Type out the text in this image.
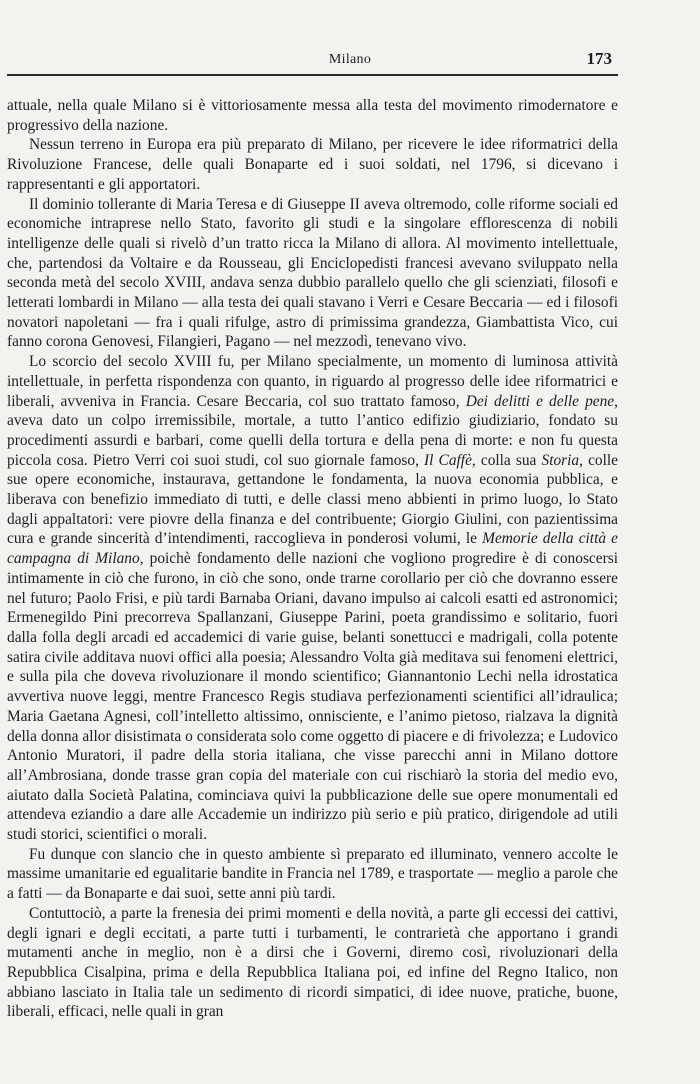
Milano	173

attuale, nella quale Milano si è vittoriosamente messa alla testa del movimento rimodernatore e progressivo della nazione.

Nessun terreno in Europa era più preparato di Milano, per ricevere le idee riformatrici della Rivoluzione Francese, delle quali Bonaparte ed i suoi soldati, nel 1796, si dicevano i rappresentanti e gli apportatori.

Il dominio tollerante di Maria Teresa e di Giuseppe II aveva oltremodo, colle riforme sociali ed economiche intraprese nello Stato, favorito gli studi e la singolare efflorescenza di nobili intelligenze delle quali si rivelò d’un tratto ricca la Milano di allora. Al movimento intellettuale, che, partendosi da Voltaire e da Rousseau, gli Enciclopedisti francesi avevano sviluppato nella seconda metà del secolo XVIII, andava senza dubbio parallelo quello che gli scienziati, filosofi e letterati lombardi in Milano — alla testa dei quali stavano i Verri e Cesare Beccaria — ed i filosofi novatori napoletani — fra i quali rifulge, astro di primissima grandezza, Giambattista Vico, cui fanno corona Genovesi, Filangieri, Pagano — nel mezzodì, tenevano vivo.

Lo scorcio del secolo XVIII fu, per Milano specialmente, un momento di luminosa attività intellettuale, in perfetta rispondenza con quanto, in riguardo al progresso delle idee riformatrici e liberali, avveniva in Francia. Cesare Beccaria, col suo trattato famoso, Dei delitti e delle pene, aveva dato un colpo irremissibile, mortale, a tutto l’antico edifizio giudiziario, fondato su procedimenti assurdi e barbari, come quelli della tortura e della pena di morte: e non fu questa piccola cosa. Pietro Verri coi suoi studi, col suo giornale famoso, Il Caffè, colla sua Storia, colle sue opere economiche, instaurava, gettandone le fondamenta, la nuova economia pubblica, e liberava con benefizio immediato di tutti, e delle classi meno abbienti in primo luogo, lo Stato dagli appaltatori: vere piovre della finanza e del contribuente; Giorgio Giulini, con pazientissima cura e grande sincerità d’intendimenti, raccoglieva in ponderosi volumi, le Memorie della città e campagna di Milano, poichè fondamento delle nazioni che vogliono progredire è di conoscersi intimamente in ciò che furono, in ciò che sono, onde trarne corollario per ciò che dovranno essere nel futuro; Paolo Frisi, e più tardi Barnaba Oriani, davano impulso ai calcoli esatti ed astronomici; Ermenegildo Pini precorreva Spallanzani, Giuseppe Parini, poeta grandissimo e solitario, fuori dalla folla degli arcadi ed accademici di varie guise, belanti sonettucci e madrigali, colla potente satira civile additava nuovi offici alla poesia; Alessandro Volta già meditava sui fenomeni elettrici, e sulla pila che doveva rivoluzionare il mondo scientifico; Giannantonio Lechi nella idrostatica avvertiva nuove leggi, mentre Francesco Regis studiava perfezionamenti scientifici all’idraulica; Maria Gaetana Agnesi, coll’intelletto altissimo, onnisciente, e l’animo pietoso, rialzava la dignità della donna allor disistimata o considerata solo come oggetto di piacere e di frivolezza; e Ludovico Antonio Muratori, il padre della storia italiana, che visse parecchi anni in Milano dottore all’Ambrosiana, donde trasse gran copia del materiale con cui rischiarò la storia del medio evo, aiutato dalla Società Palatina, cominciava quivi la pubblicazione delle sue opere monumentali ed attendeva eziandio a dare alle Accademie un indirizzo più serio e più pratico, dirigendole ad utili studi storici, scientifici o morali.

Fu dunque con slancio che in questo ambiente sì preparato ed illuminato, vennero accolte le massime umanitarie ed egualitarie bandite in Francia nel 1789, e trasportate — meglio a parole che a fatti — da Bonaparte e dai suoi, sette anni più tardi.

Contuttociò, a parte la frenesia dei primi momenti e della novità, a parte gli eccessi dei cattivi, degli ignari e degli eccitati, a parte tutti i turbamenti, le contrarietà che apportano i grandi mutamenti anche in meglio, non è a dirsi che i Governi, diremo così, rivoluzionari della Repubblica Cisalpina, prima e della Repubblica Italiana poi, ed infine del Regno Italico, non abbiano lasciato in Italia tale un sedimento di ricordi simpatici, di idee nuove, pratiche, buone, liberali, efficaci, nelle quali in gran
